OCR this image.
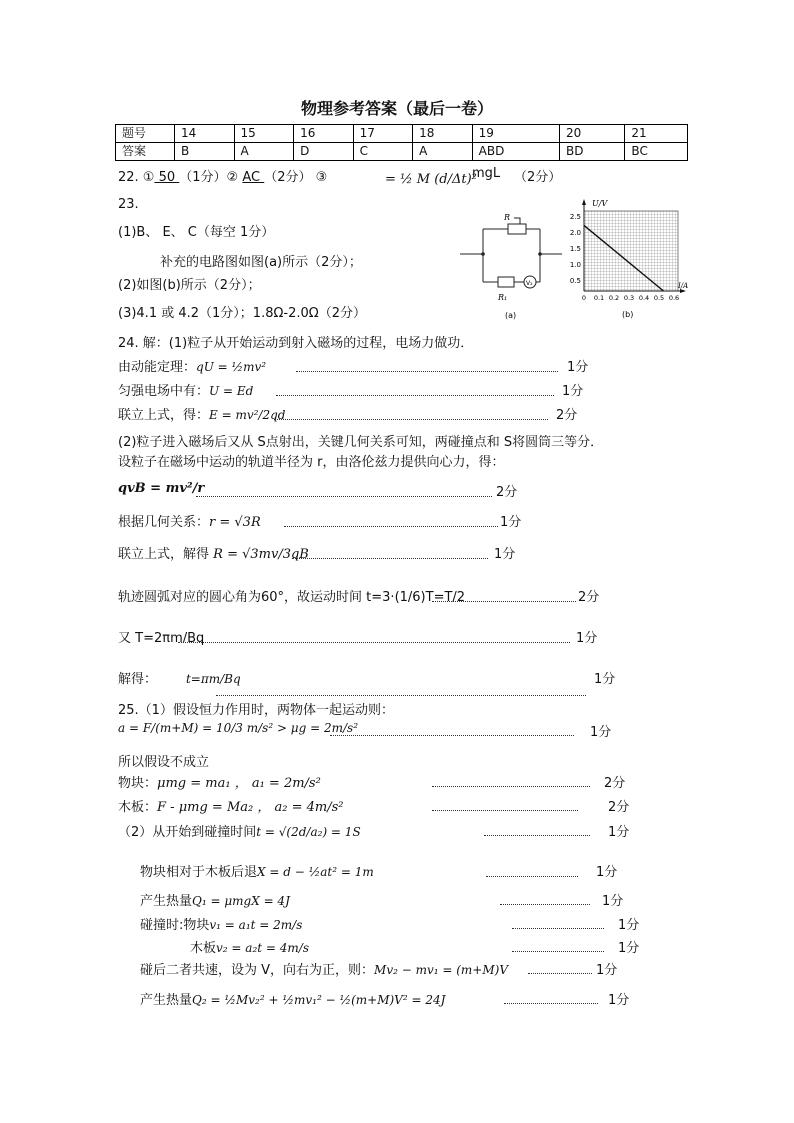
物理参考答案（最后一卷）
题号	14	15	16	17	18	19	20	21
答案	B	A	D	C	A	ABD	BD	BC
22. ① 50 （1分）② AC （2分） ③	= ½ M (d/Δt)²
mgL （2分）
23.
(1)B、 E、 C（每空 1分）
补充的电路图如图(a)所示（2分）；
(2)如图(b)所示（2分）；
(3)4.1 或 4.2（1分）；1.8Ω-2.0Ω（2分）
R
R₁
V₂
(a)
U/V
I/A
2.5
2.0
1.5
1.0
0.5
0 0.1 0.2 0.3 0.4 0.5 0.6
(b)
24. 解：(1)粒子从开始运动到射入磁场的过程，电场力做功．
由动能定理：qU = ½mv²	1分
匀强电场中有：U = Ed	1分
联立上式，得：E = mv²/2qd	2分
(2)粒子进入磁场后又从 S点射出，关键几何关系可知，两碰撞点和 S将圆筒三等分．
设粒子在磁场中运动的轨道半径为 r，由洛伦兹力提供向心力，得：
qvB = mv²/r	2分
根据几何关系：r = √3R	1分
联立上式，解得 R = √3mv/3qB	1分
轨迹圆弧对应的圆心角为60°，故运动时间 t=3·(1/6)T=T/2	2分
又 T=2πm/Bq	1分
解得： t=πm/Bq	1分
25.（1）假设恒力作用时，两物体一起运动则：
a = F/(m+M) = 10/3 m/s² > μg = 2m/s²	1分
所以假设不成立
物块：μmg = ma₁ ， a₁ = 2m/s²	2分
木板：F - μmg = Ma₂ ， a₂ = 4m/s²	2分
（2）从开始到碰撞时间t = √(2d/a₂) = 1S	1分
物块相对于木板后退X = d − ½at² = 1m	1分
产生热量Q₁ = μmgX = 4J	1分
碰撞时:物块v₁ = a₁t = 2m/s	1分
木板v₂ = a₂t = 4m/s	1分
碰后二者共速，设为 V，向右为正，则：Mv₂ − mv₁ = (m+M)V	1分
产生热量Q₂ = ½Mv₂² + ½mv₁² − ½(m+M)V² = 24J	1分
